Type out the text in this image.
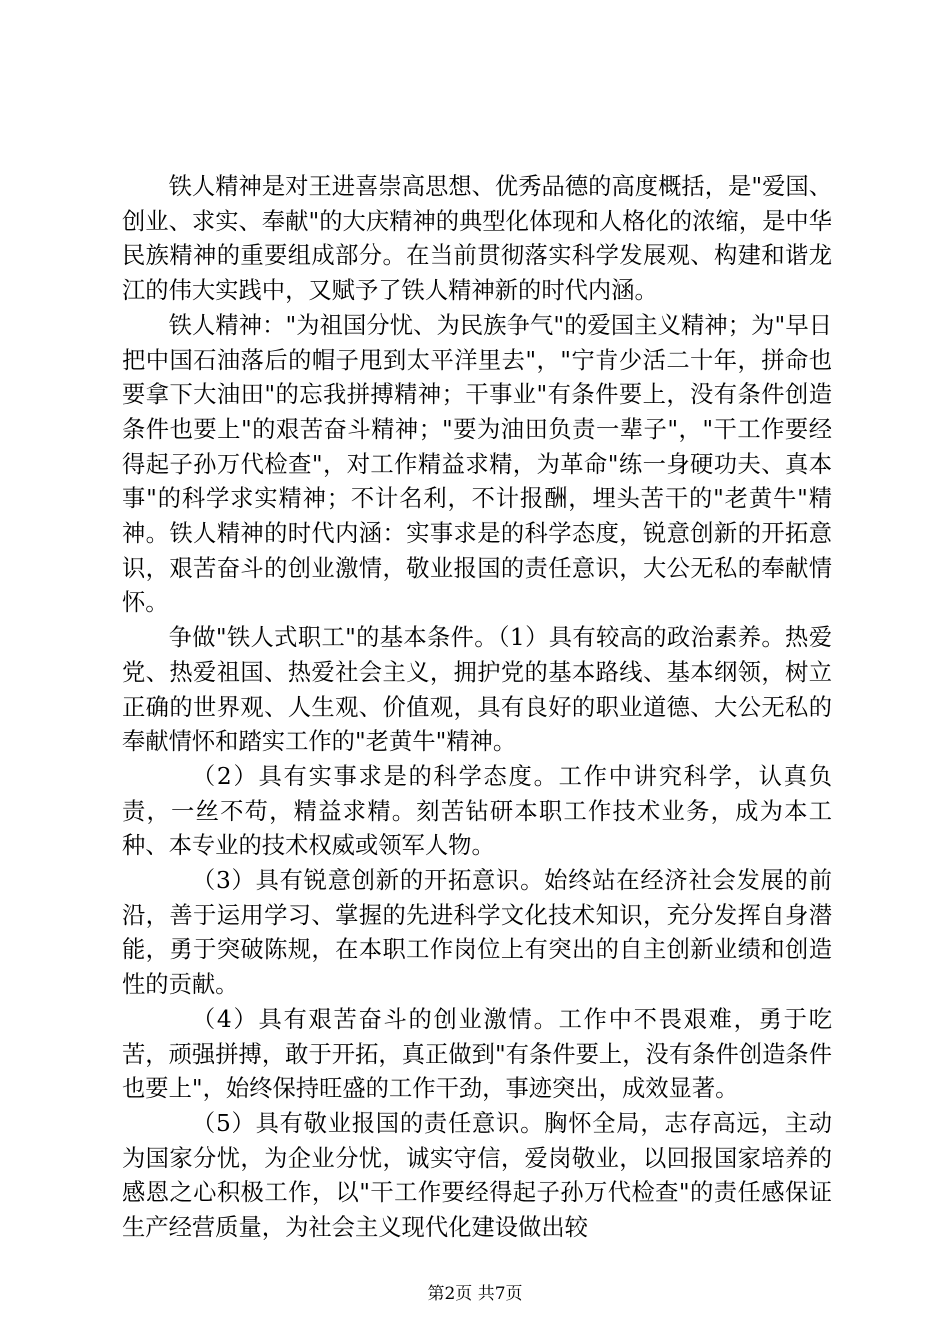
铁人精神是对王进喜崇高思想、优秀品德的高度概括，是"爱国、创业、求实、奉献"的大庆精神的典型化体现和人格化的浓缩，是中华民族精神的重要组成部分。在当前贯彻落实科学发展观、构建和谐龙江的伟大实践中，又赋予了铁人精神新的时代内涵。

铁人精神："为祖国分忧、为民族争气"的爱国主义精神；为"早日把中国石油落后的帽子甩到太平洋里去"，"宁肯少活二十年，拼命也要拿下大油田"的忘我拼搏精神；干事业"有条件要上，没有条件创造条件也要上"的艰苦奋斗精神；"要为油田负责一辈子"，"干工作要经得起子孙万代检查"，对工作精益求精，为革命"练一身硬功夫、真本事"的科学求实精神；不计名利，不计报酬，埋头苦干的"老黄牛"精神。铁人精神的时代内涵：实事求是的科学态度，锐意创新的开拓意识，艰苦奋斗的创业激情，敬业报国的责任意识，大公无私的奉献情怀。

争做"铁人式职工"的基本条件。（1）具有较高的政治素养。热爱党、热爱祖国、热爱社会主义，拥护党的基本路线、基本纲领，树立正确的世界观、人生观、价值观，具有良好的职业道德、大公无私的奉献情怀和踏实工作的"老黄牛"精神。

（2）具有实事求是的科学态度。工作中讲究科学，认真负责，一丝不苟，精益求精。刻苦钻研本职工作技术业务，成为本工种、本专业的技术权威或领军人物。

（3）具有锐意创新的开拓意识。始终站在经济社会发展的前沿，善于运用学习、掌握的先进科学文化技术知识，充分发挥自身潜能，勇于突破陈规，在本职工作岗位上有突出的自主创新业绩和创造性的贡献。

（4）具有艰苦奋斗的创业激情。工作中不畏艰难，勇于吃苦，顽强拼搏，敢于开拓，真正做到"有条件要上，没有条件创造条件也要上"，始终保持旺盛的工作干劲，事迹突出，成效显著。

（5）具有敬业报国的责任意识。胸怀全局，志存高远，主动为国家分忧，为企业分忧，诚实守信，爱岗敬业，以回报国家培养的感恩之心积极工作，以"干工作要经得起子孙万代检查"的责任感保证生产经营质量，为社会主义现代化建设做出较

第2页 共7页
